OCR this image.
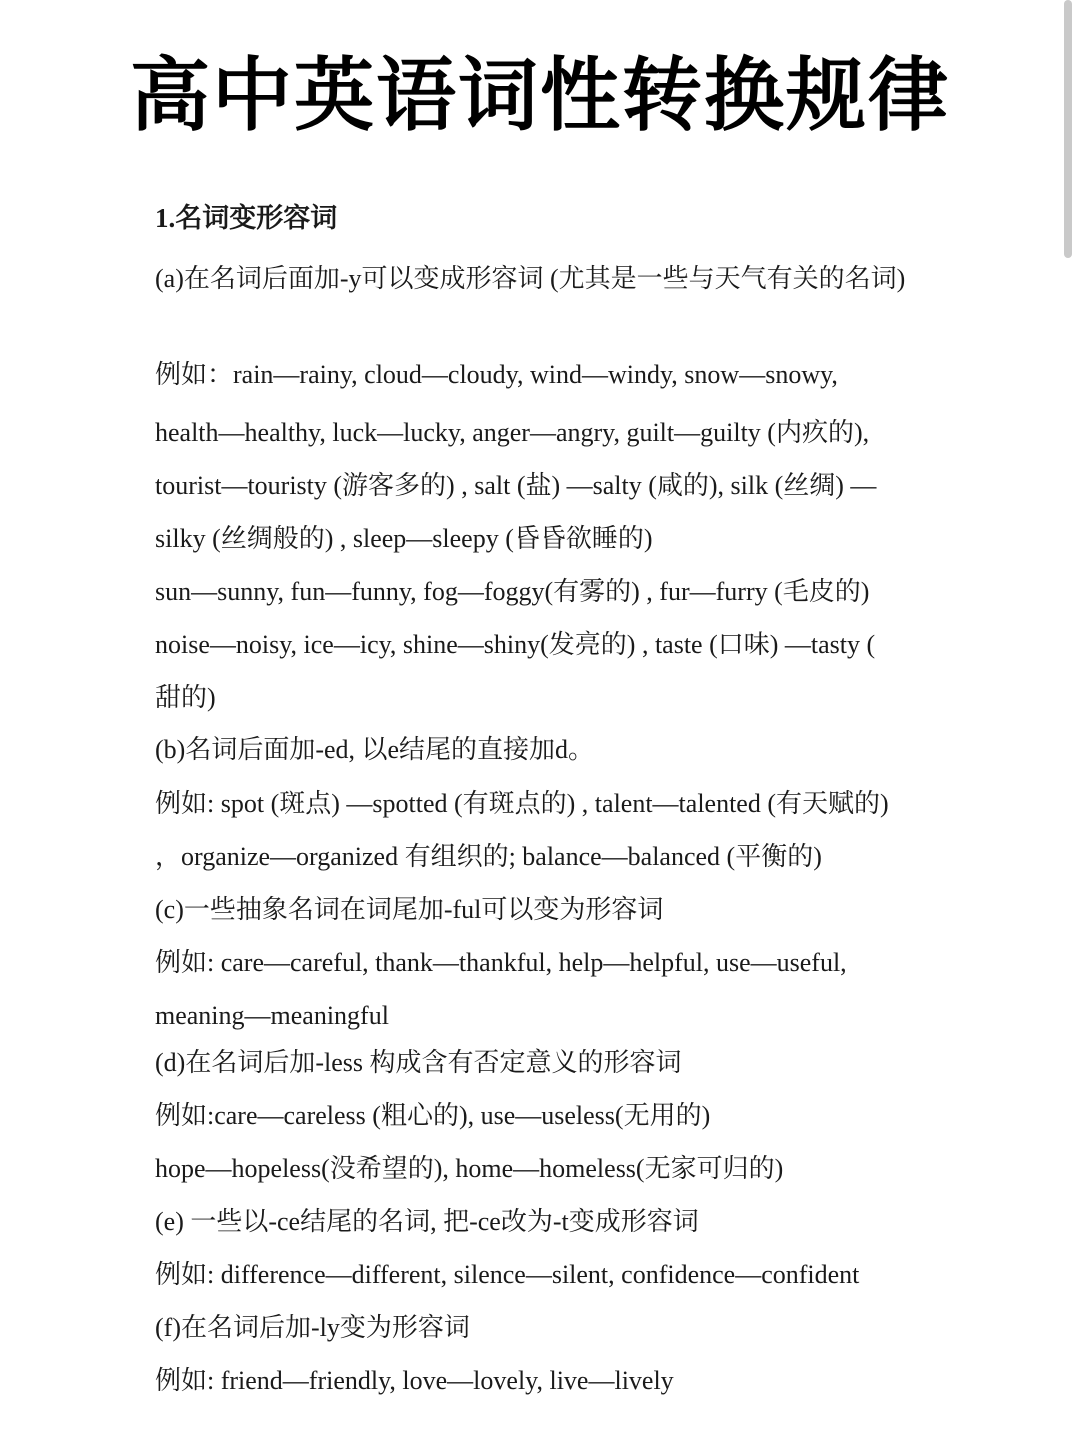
高中英语词性转换规律
1.名词变形容词
(a)在名词后面加-y可以变成形容词 (尤其是一些与天气有关的名词)
例如：rain—rainy, cloud—cloudy, wind—windy, snow—snowy,
health—healthy, luck—lucky, anger—angry, guilt—guilty (内疚的),
tourist—touristy (游客多的) , salt (盐) —salty (咸的), silk (丝绸) —
silky (丝绸般的) , sleep—sleepy (昏昏欲睡的)
sun—sunny, fun—funny, fog—foggy(有雾的) , fur—furry (毛皮的)
noise—noisy, ice—icy, shine—shiny(发亮的) , taste (口味) —tasty (
甜的)
(b)名词后面加-ed, 以e结尾的直接加d。
例如: spot (斑点) —spotted (有斑点的) , talent—talented (有天赋的)
，organize—organized 有组织的; balance—balanced (平衡的)
(c)一些抽象名词在词尾加-ful可以变为形容词
例如: care—careful, thank—thankful, help—helpful, use—useful,
meaning—meaningful
(d)在名词后加-less 构成含有否定意义的形容词
例如:care—careless (粗心的), use—useless(无用的)
hope—hopeless(没希望的), home—homeless(无家可归的)
(e) 一些以-ce结尾的名词, 把-ce改为-t变成形容词
例如: difference—different, silence—silent, confidence—confident
(f)在名词后加-ly变为形容词
例如: friend—friendly, love—lovely, live—lively
